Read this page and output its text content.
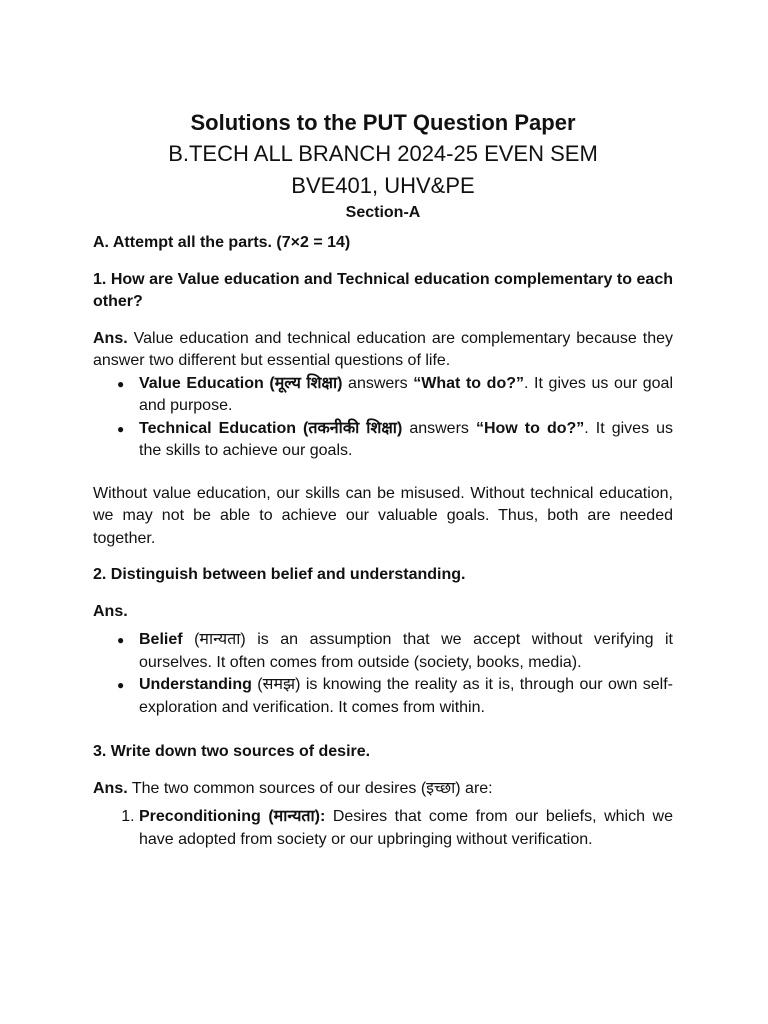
Solutions to the PUT Question Paper
B.TECH ALL BRANCH 2024-25 EVEN SEM
BVE401, UHV&PE
Section-A

A. Attempt all the parts. (7×2 = 14)

1. How are Value education and Technical education complementary to each other?

Ans. Value education and technical education are complementary because they answer two different but essential questions of life.

● Value Education (मूल्य शिक्षा) answers “What to do?”. It gives us our goal and purpose.
● Technical Education (तकनीकी शिक्षा) answers “How to do?”. It gives us the skills to achieve our goals.

Without value education, our skills can be misused. Without technical education, we may not be able to achieve our valuable goals. Thus, both are needed together.

2. Distinguish between belief and understanding.

Ans.

● Belief (मान्यता) is an assumption that we accept without verifying it ourselves. It often comes from outside (society, books, media).
● Understanding (समझ) is knowing the reality as it is, through our own self-exploration and verification. It comes from within.

3. Write down two sources of desire.

Ans. The two common sources of our desires (इच्छा) are:

1. Preconditioning (मान्यता): Desires that come from our beliefs, which we have adopted from society or our upbringing without verification.
